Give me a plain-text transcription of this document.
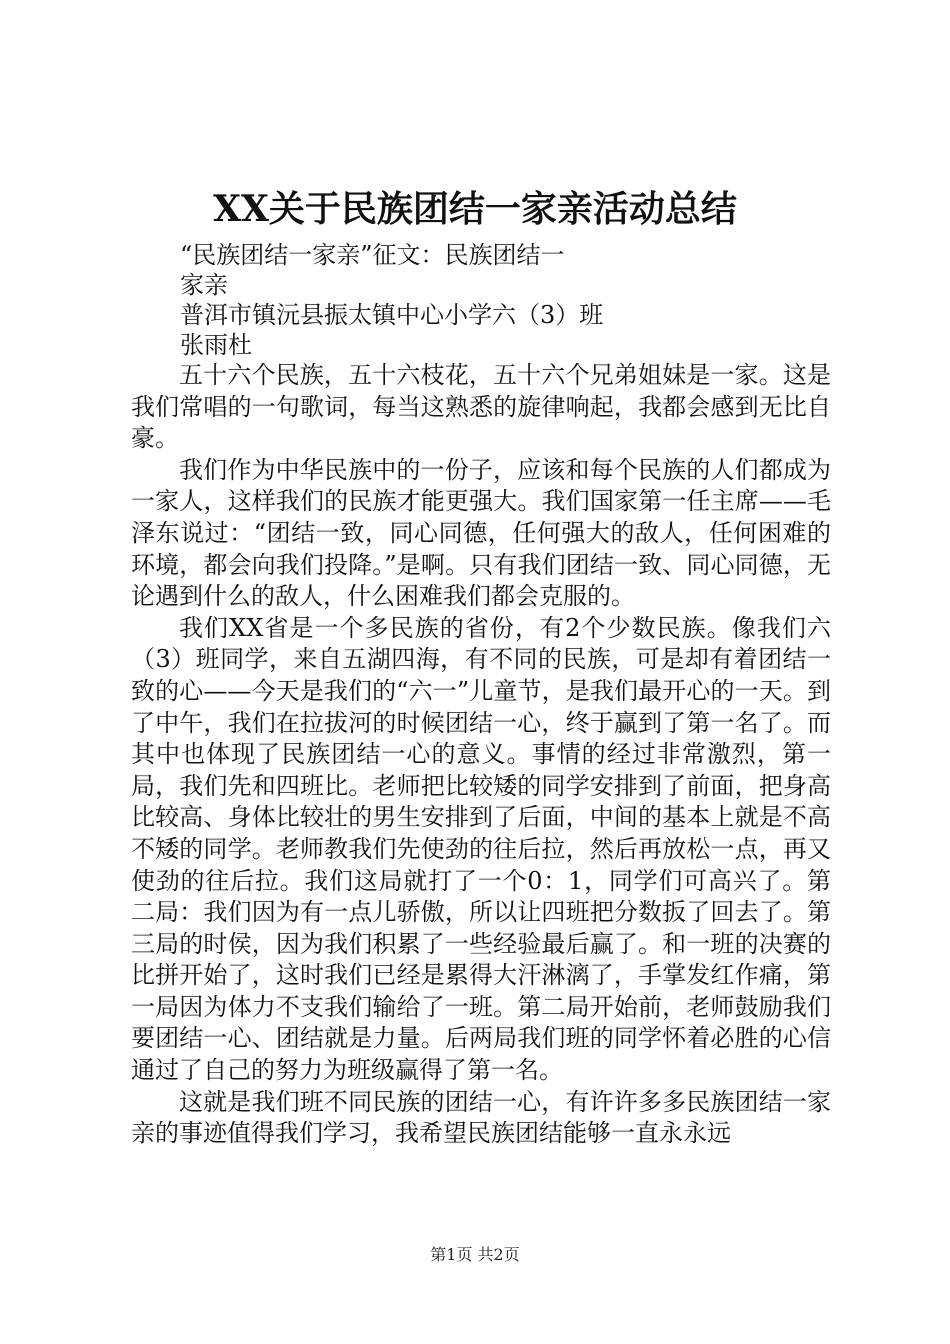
XX关于民族团结一家亲活动总结
“民族团结一家亲”征文：民族团结一
家亲
普洱市镇沅县振太镇中心小学六（3）班
张雨杜

五十六个民族，五十六枝花，五十六个兄弟姐妹是一家。这是我们常唱的一句歌词，每当这熟悉的旋律响起，我都会感到无比自豪。

我们作为中华民族中的一份子，应该和每个民族的人们都成为一家人，这样我们的民族才能更强大。我们国家第一任主席——毛泽东说过：“团结一致，同心同德，任何强大的敌人，任何困难的环境，都会向我们投降。”是啊。只有我们团结一致、同心同德，无论遇到什么的敌人，什么困难我们都会克服的。

我们XX省是一个多民族的省份，有2个少数民族。像我们六（3）班同学，来自五湖四海，有不同的民族，可是却有着团结一致的心——今天是我们的“六一”儿童节，是我们最开心的一天。到了中午，我们在拉拔河的时候团结一心，终于赢到了第一名了。而其中也体现了民族团结一心的意义。事情的经过非常激烈，第一局，我们先和四班比。老师把比较矮的同学安排到了前面，把身高比较高、身体比较壮的男生安排到了后面，中间的基本上就是不高不矮的同学。老师教我们先使劲的往后拉，然后再放松一点，再又使劲的往后拉。我们这局就打了一个0：1，同学们可高兴了。第二局：我们因为有一点儿骄傲，所以让四班把分数扳了回去了。第三局的时侯，因为我们积累了一些经验最后赢了。和一班的决赛的比拼开始了，这时我们已经是累得大汗淋漓了，手掌发红作痛，第一局因为体力不支我们输给了一班。第二局开始前，老师鼓励我们要团结一心、团结就是力量。后两局我们班的同学怀着必胜的心信通过了自己的努力为班级赢得了第一名。

这就是我们班不同民族的团结一心，有许许多多民族团结一家亲的事迹值得我们学习，我希望民族团结能够一直永永远

第1页 共2页
